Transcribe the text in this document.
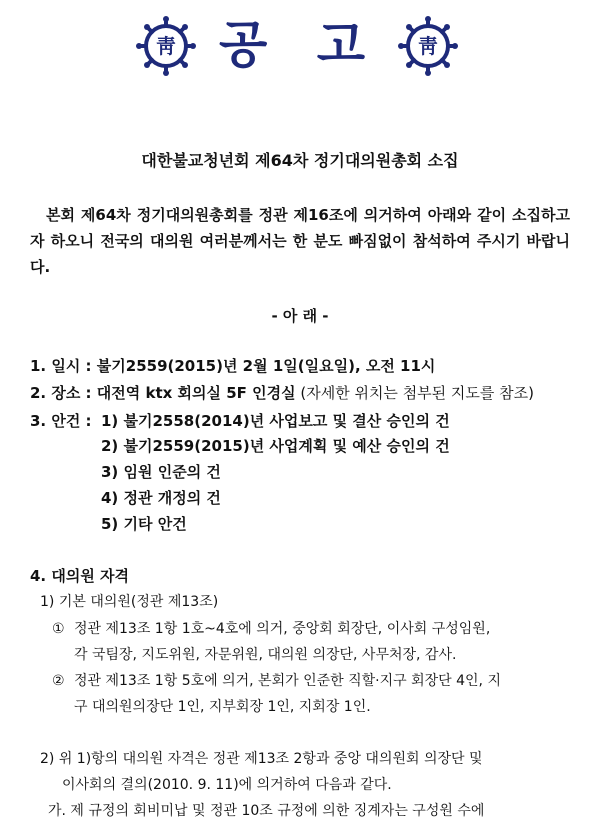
靑 공 고	靑
대한불교청년회 제64차 정기대의원총회 소집
본회 제64차 정기대의원총회를 정관 제16조에 의거하여 아래와 같이 소집하고자 하오니 전국의 대의원 여러분께서는 한 분도 빠짐없이 참석하여 주시기 바랍니다.
- 아 래 -
1. 일시 : 불기2559(2015)년 2월 1일(일요일), 오전 11시
2. 장소 : 대전역 ktx 회의실 5F 인경실 (자세한 위치는 첨부된 지도를 참조)
3. 안건 : 1) 불기2558(2014)년 사업보고 및 결산 승인의 건
2) 불기2559(2015)년 사업계획 및 예산 승인의 건
3) 임원 인준의 건
4) 정관 개정의 건
5) 기타 안건
4. 대의원 자격
1) 기본 대의원(정관 제13조)
① 정관 제13조 1항 1호~4호에 의거, 중앙회 회장단, 이사회 구성임원,
각 국팀장, 지도위원, 자문위원, 대의원 의장단, 사무처장, 감사.
② 정관 제13조 1항 5호에 의거, 본회가 인준한 직할·지구 회장단 4인, 지
구 대의원의장단 1인, 지부회장 1인, 지회장 1인.
2) 위 1)항의 대의원 자격은 정관 제13조 2항과 중앙 대의원회 의장단 및
이사회의 결의(2010. 9. 11)에 의거하여 다음과 같다.
가. 제 규정의 회비미납 및 정관 10조 규정에 의한 징계자는 구성원 수에
